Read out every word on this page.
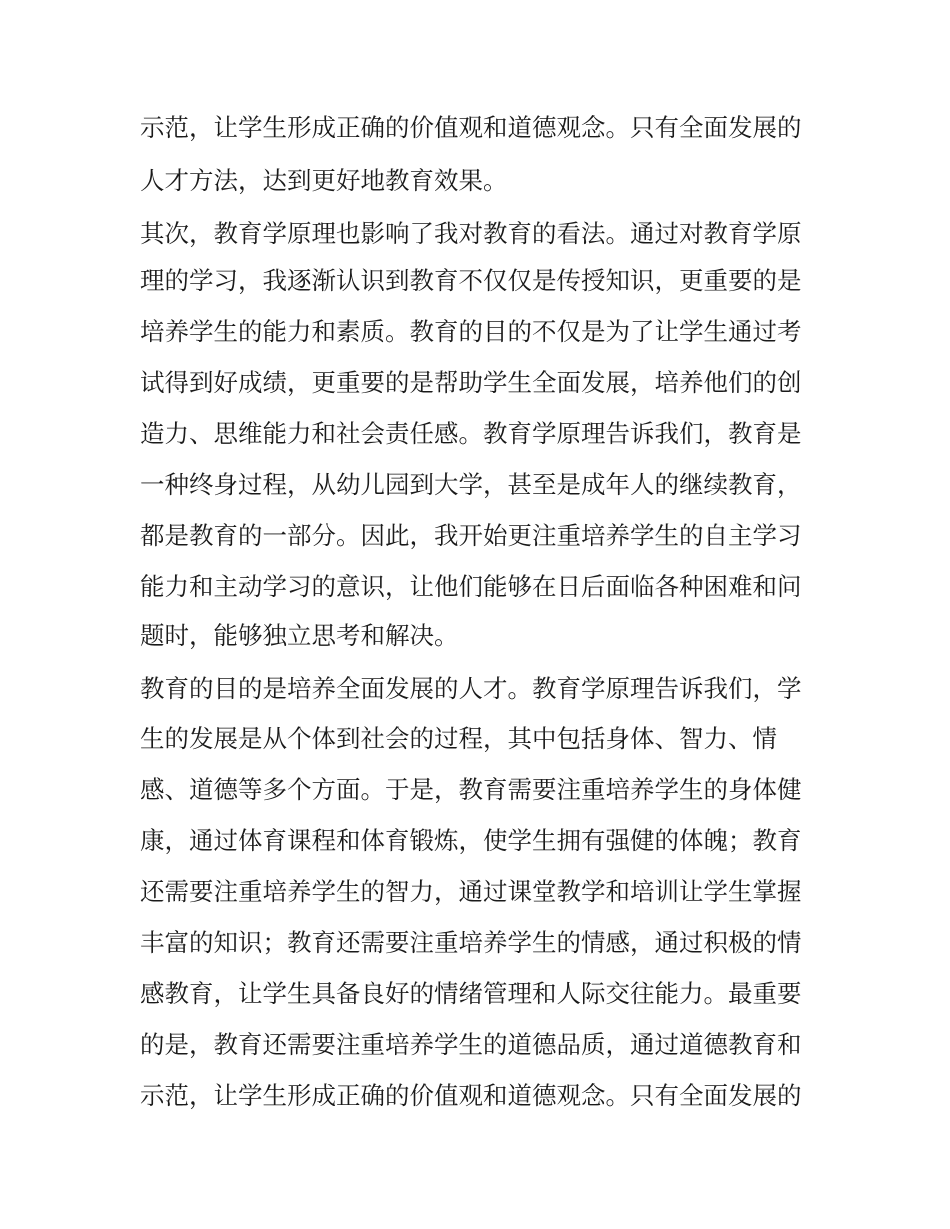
示范，让学生形成正确的价值观和道德观念。只有全面发展的

人才方法，达到更好地教育效果。

其次，教育学原理也影响了我对教育的看法。通过对教育学原

理的学习，我逐渐认识到教育不仅仅是传授知识，更重要的是

培养学生的能力和素质。教育的目的不仅是为了让学生通过考

试得到好成绩，更重要的是帮助学生全面发展，培养他们的创

造力、思维能力和社会责任感。教育学原理告诉我们，教育是

一种终身过程，从幼儿园到大学，甚至是成年人的继续教育，

都是教育的一部分。因此，我开始更注重培养学生的自主学习

能力和主动学习的意识，让他们能够在日后面临各种困难和问

题时，能够独立思考和解决。

教育的目的是培养全面发展的人才。教育学原理告诉我们，学

生的发展是从个体到社会的过程，其中包括身体、智力、情

感、道德等多个方面。于是，教育需要注重培养学生的身体健

康，通过体育课程和体育锻炼，使学生拥有强健的体魄；教育

还需要注重培养学生的智力，通过课堂教学和培训让学生掌握

丰富的知识；教育还需要注重培养学生的情感，通过积极的情

感教育，让学生具备良好的情绪管理和人际交往能力。最重要

的是，教育还需要注重培养学生的道德品质，通过道德教育和

示范，让学生形成正确的价值观和道德观念。只有全面发展的
